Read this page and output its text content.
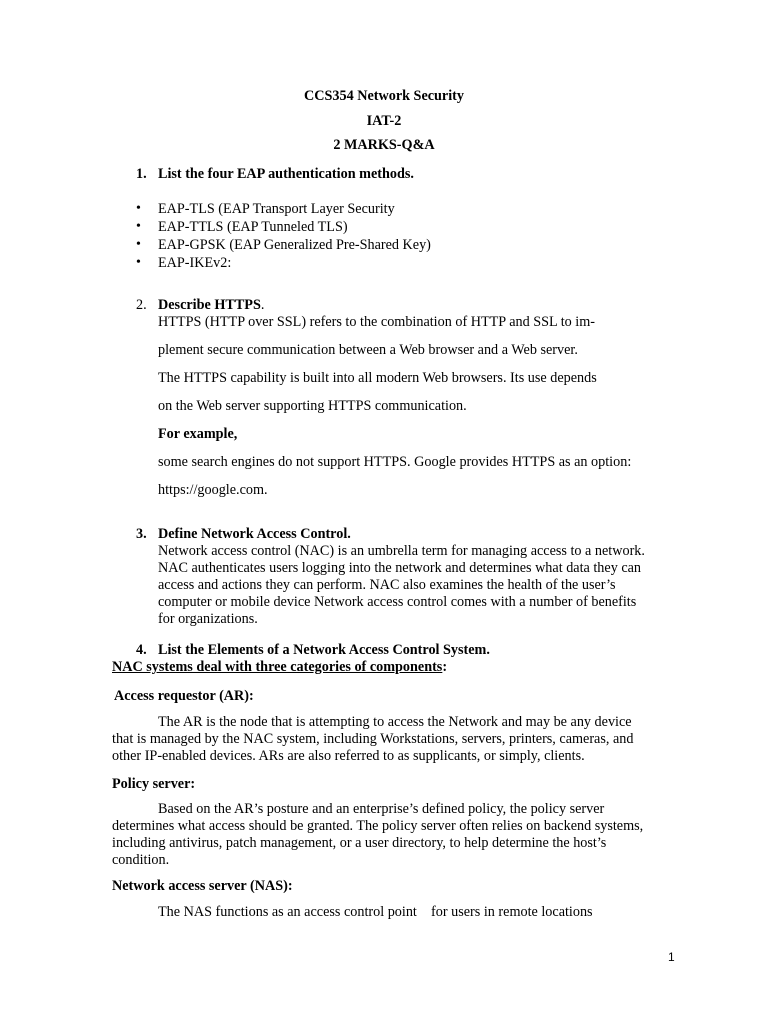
CCS354 Network Security
IAT-2
2 MARKS-Q&A
1. List the four EAP authentication methods.
• EAP-TLS (EAP Transport Layer Security
• EAP-TTLS (EAP Tunneled TLS)
• EAP-GPSK (EAP Generalized Pre-Shared Key)
• EAP-IKEv2:
2. Describe HTTPS.
HTTPS (HTTP over SSL) refers to the combination of HTTP and SSL to im-
plement secure communication between a Web browser and a Web server.
The HTTPS capability is built into all modern Web browsers. Its use depends
on the Web server supporting HTTPS communication.
For example,
some search engines do not support HTTPS. Google provides HTTPS as an option:
https://google.com.
3. Define Network Access Control.
Network access control (NAC) is an umbrella term for managing access to a network.
NAC authenticates users logging into the network and determines what data they can
access and actions they can perform. NAC also examines the health of the user’s
computer or mobile device Network access control comes with a number of benefits
for organizations.
4. List the Elements of a Network Access Control System.
NAC systems deal with three categories of components:
Access requestor (AR):
The AR is the node that is attempting to access the Network and may be any device
that is managed by the NAC system, including Workstations, servers, printers, cameras, and
other IP-enabled devices. ARs are also referred to as supplicants, or simply, clients.
Policy server:
Based on the AR’s posture and an enterprise’s defined policy, the policy server
determines what access should be granted. The policy server often relies on backend systems,
including antivirus, patch management, or a user directory, to help determine the host’s
condition.
Network access server (NAS):
The NAS functions as an access control point    for users in remote locations
1
